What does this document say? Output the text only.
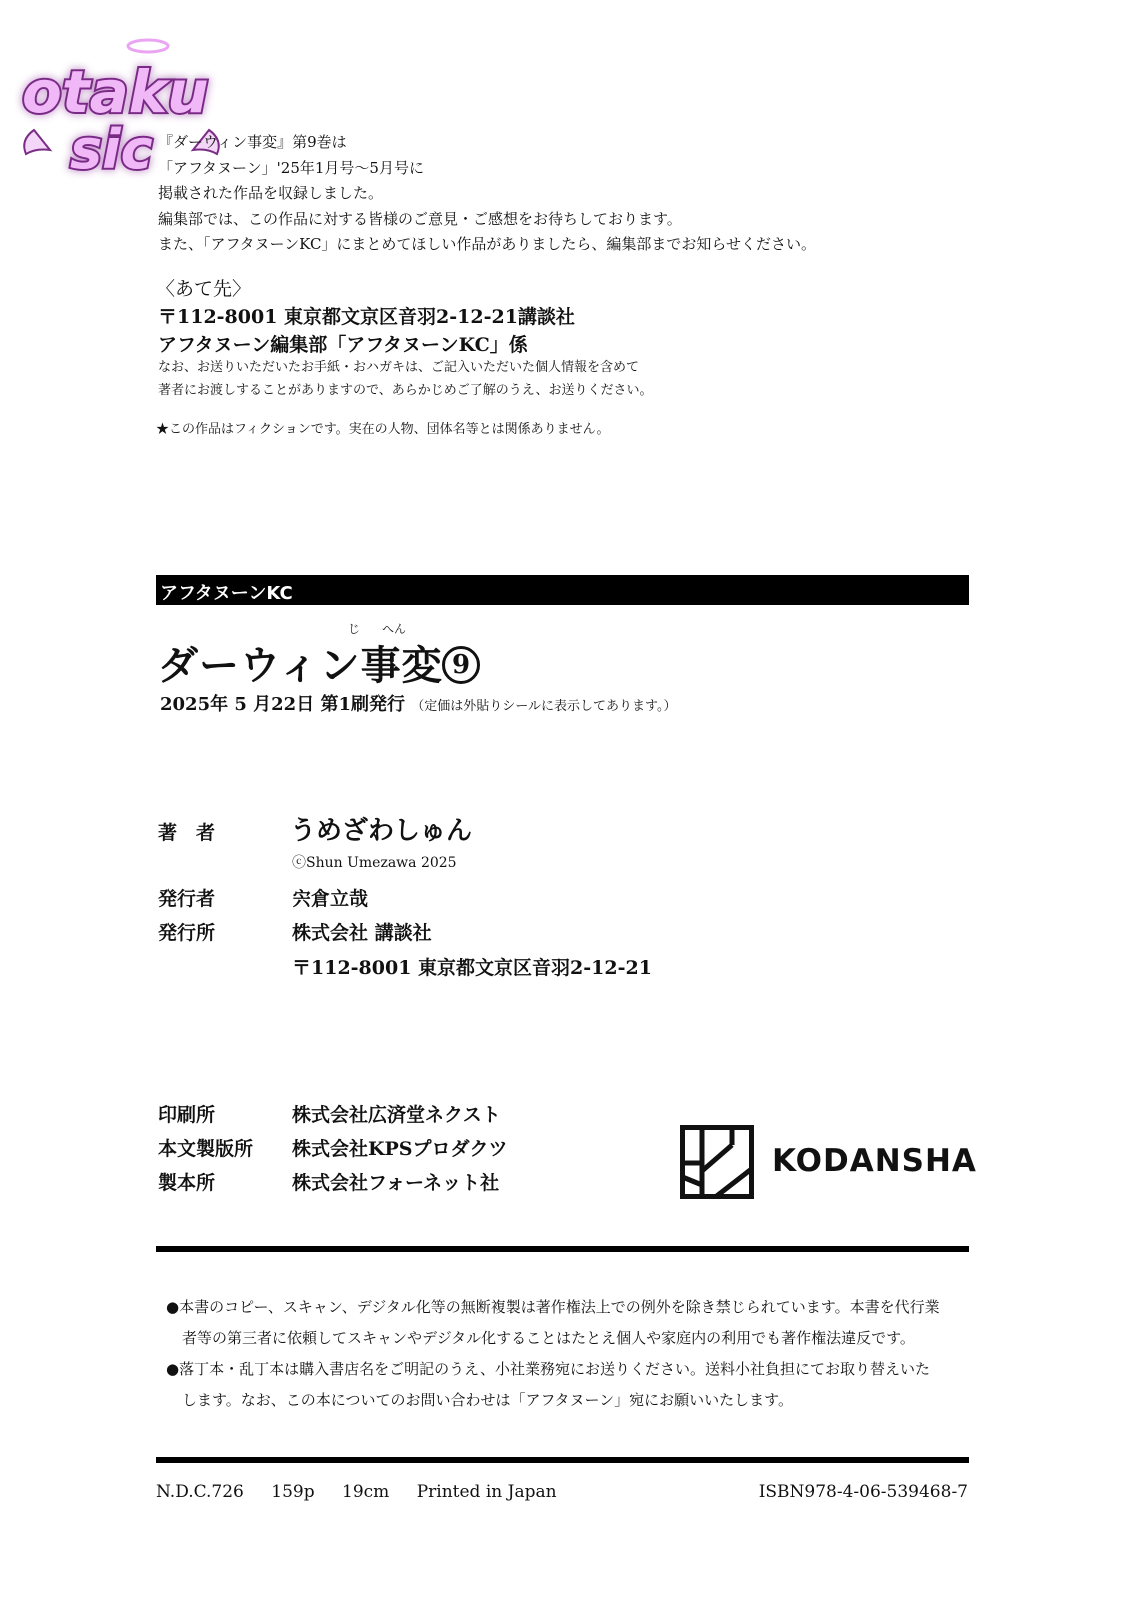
otaku
sic 『ダーウィン事変』第9巻は
「アフタヌーン」'25年1月号～5月号に
掲載された作品を収録しました。
編集部では、この作品に対する皆様のご意見・ご感想をお待ちしております。
また、「アフタヌーンKC」にまとめてほしい作品がありましたら、編集部までお知らせください。
〈あて先〉
〒112-8001 東京都文京区音羽2-12-21講談社
アフタヌーン編集部「アフタヌーンKC」係
なお、お送りいただいたお手紙・おハガキは、ご記入いただいた個人情報を含めて
著者にお渡しすることがありますので、あらかじめご了解のうえ、お送りください。
★この作品はフィクションです。実在の人物、団体名等とは関係ありません。
アフタヌーンKC
じ へん
ダーウィン事変 9
2025年 5 月22日 第1刷発行 （定価は外貼りシールに表示してあります。）
著　者	うめざわしゅん
ⓒShun Umezawa 2025
発行者	宍倉立哉
発行所	株式会社 講談社
〒112-8001 東京都文京区音羽2-12-21
印刷所	株式会社広済堂ネクスト
本文製版所 株式会社KPSプロダクツ
製本所	株式会社フォーネット社
KODANSHA
●本書のコピー、スキャン、デジタル化等の無断複製は著作権法上での例外を除き禁じられています。本書を代行業
者等の第三者に依頼してスキャンやデジタル化することはたとえ個人や家庭内の利用でも著作権法違反です。
●落丁本・乱丁本は購入書店名をご明記のうえ、小社業務宛にお送りください。送料小社負担にてお取り替えいた
します。なお、この本についてのお問い合わせは「アフタヌーン」宛にお願いいたします。
N.D.C.726 159p 19cm Printed in Japan	ISBN978-4-06-539468-7
